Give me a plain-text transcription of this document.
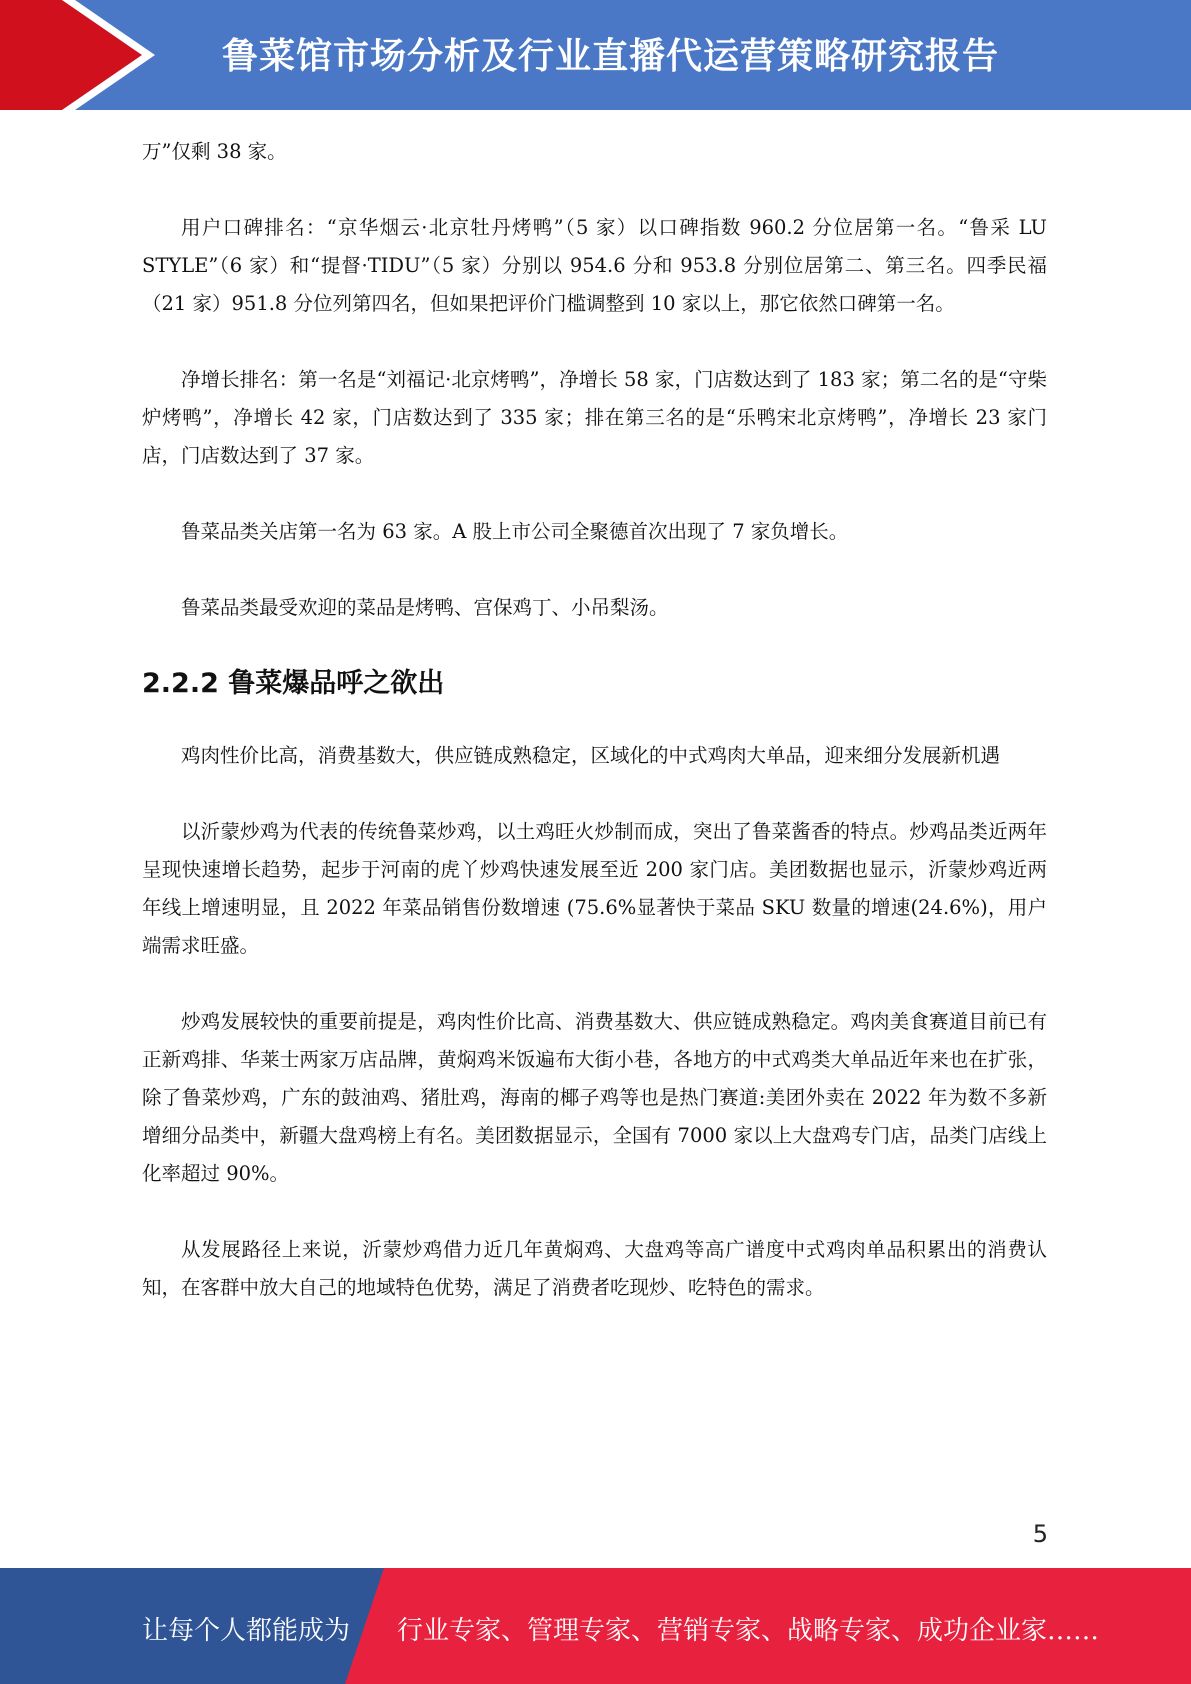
鲁菜馆市场分析及行业直播代运营策略研究报告

万”仅剩 38 家。

用户口碑排名：“京华烟云·北京牡丹烤鸭”（5 家）以口碑指数 960.2 分位居第一名。“鲁采 LU STYLE”（6 家）和“提督·TIDU”（5 家）分别以 954.6 分和 953.8 分别位居第二、第三名。四季民福（21 家）951.8 分位列第四名，但如果把评价门槛调整到 10 家以上，那它依然口碑第一名。

净增长排名：第一名是“刘福记·北京烤鸭”，净增长 58 家，门店数达到了 183 家；第二名的是“守柴炉烤鸭”，净增长 42 家，门店数达到了 335 家；排在第三名的是“乐鸭宋北京烤鸭”，净增长 23 家门店，门店数达到了 37 家。

鲁菜品类关店第一名为 63 家。A 股上市公司全聚德首次出现了 7 家负增长。

鲁菜品类最受欢迎的菜品是烤鸭、宫保鸡丁、小吊梨汤。

2.2.2 鲁菜爆品呼之欲出

鸡肉性价比高，消费基数大，供应链成熟稳定，区域化的中式鸡肉大单品，迎来细分发展新机遇

以沂蒙炒鸡为代表的传统鲁菜炒鸡，以土鸡旺火炒制而成，突出了鲁菜酱香的特点。炒鸡品类近两年呈现快速增长趋势，起步于河南的虎丫炒鸡快速发展至近 200 家门店。美团数据也显示，沂蒙炒鸡近两年线上增速明显，且 2022 年菜品销售份数增速 (75.6%显著快于菜品 SKU 数量的增速(24.6%)，用户端需求旺盛。

炒鸡发展较快的重要前提是，鸡肉性价比高、消费基数大、供应链成熟稳定。鸡肉美食赛道目前已有正新鸡排、华莱士两家万店品牌，黄焖鸡米饭遍布大街小巷，各地方的中式鸡类大单品近年来也在扩张，除了鲁菜炒鸡，广东的鼓油鸡、猪肚鸡，海南的椰子鸡等也是热门赛道:美团外卖在 2022 年为数不多新增细分品类中，新疆大盘鸡榜上有名。美团数据显示，全国有 7000 家以上大盘鸡专门店，品类门店线上化率超过 90%。

从发展路径上来说，沂蒙炒鸡借力近几年黄焖鸡、大盘鸡等高广谱度中式鸡肉单品积累出的消费认知，在客群中放大自己的地域特色优势，满足了消费者吃现炒、吃特色的需求。

5
让每个人都能成为 行业专家、管理专家、营销专家、战略专家、成功企业家……
